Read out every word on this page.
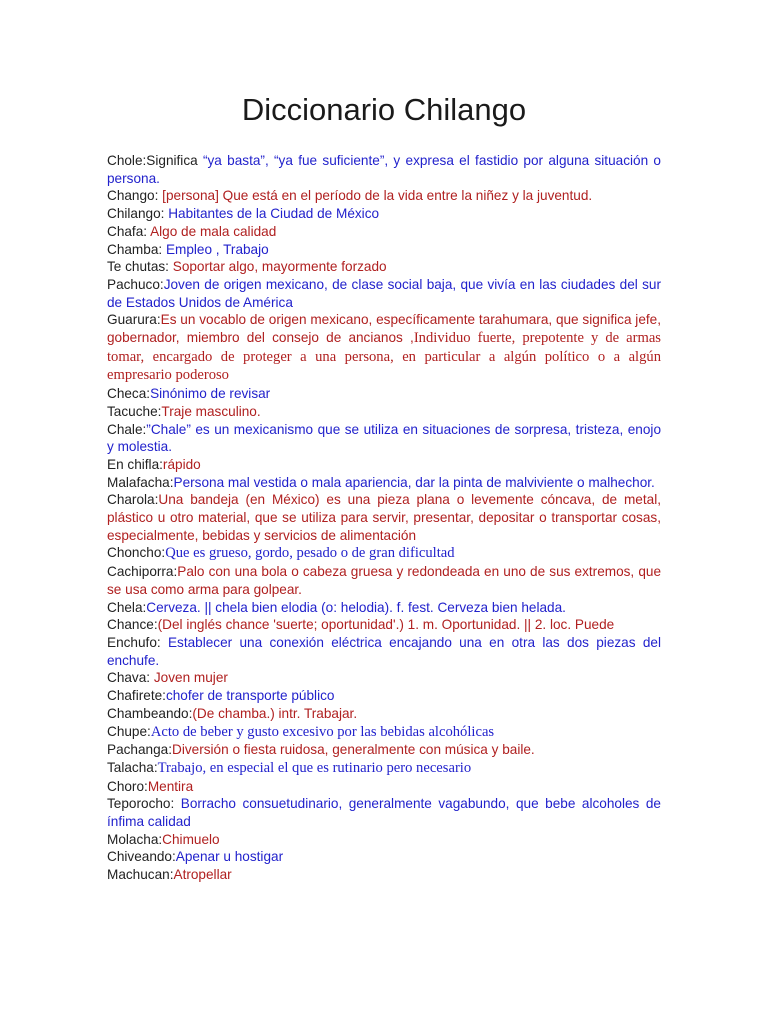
Diccionario Chilango
Chole:Significa “ya basta”, “ya fue suficiente”, y expresa el fastidio por alguna situación o persona.
Chango: [persona] Que está en el período de la vida entre la niñez y la juventud.
Chilango: Habitantes de la Ciudad de México
Chafa: Algo de mala calidad
Chamba: Empleo , Trabajo
Te chutas: Soportar algo, mayormente forzado
Pachuco:Joven de origen mexicano, de clase social baja, que vivía en las ciudades del sur de Estados Unidos de América
Guarura:Es un vocablo de origen mexicano, específicamente tarahumara, que significa jefe, gobernador, miembro del consejo de ancianos ,Individuo fuerte, prepotente y de armas tomar, encargado de proteger a una persona, en particular a algún político o a algún empresario poderoso
Checa:Sinónimo de revisar
Tacuche:Traje masculino.
Chale:”Chale” es un mexicanismo que se utiliza en situaciones de sorpresa, tristeza, enojo y molestia.
En chifla:rápido
Malafacha:Persona mal vestida o mala apariencia, dar la pinta de malviviente o malhechor.
Charola:Una bandeja (en México) es una pieza plana o levemente cóncava, de metal, plástico u otro material, que se utiliza para servir, presentar, depositar o transportar cosas, especialmente, bebidas y servicios de alimentación
Choncho:Que es grueso, gordo, pesado o de gran dificultad
Cachiporra:Palo con una bola o cabeza gruesa y redondeada en uno de sus extremos, que se usa como arma para golpear.
Chela:Cerveza. || chela bien elodia (o: helodia). f. fest. Cerveza bien helada.
Chance:(Del inglés chance 'suerte; oportunidad'.) 1. m. Oportunidad. || 2. loc. Puede
Enchufo: Establecer una conexión eléctrica encajando una en otra las dos piezas del enchufe.
Chava: Joven mujer
Chafirete:chofer de transporte público
Chambeando:(De chamba.) intr. Trabajar.
Chupe:Acto de beber y gusto excesivo por las bebidas alcohólicas
Pachanga:Diversión o fiesta ruidosa, generalmente con música y baile.
Talacha:Trabajo, en especial el que es rutinario pero necesario
Choro:Mentira
Teporocho: Borracho consuetudinario, generalmente vagabundo, que bebe alcoholes de ínfima calidad
Molacha:Chimuelo
Chiveando:Apenar u hostigar
Machucan:Atropellar
